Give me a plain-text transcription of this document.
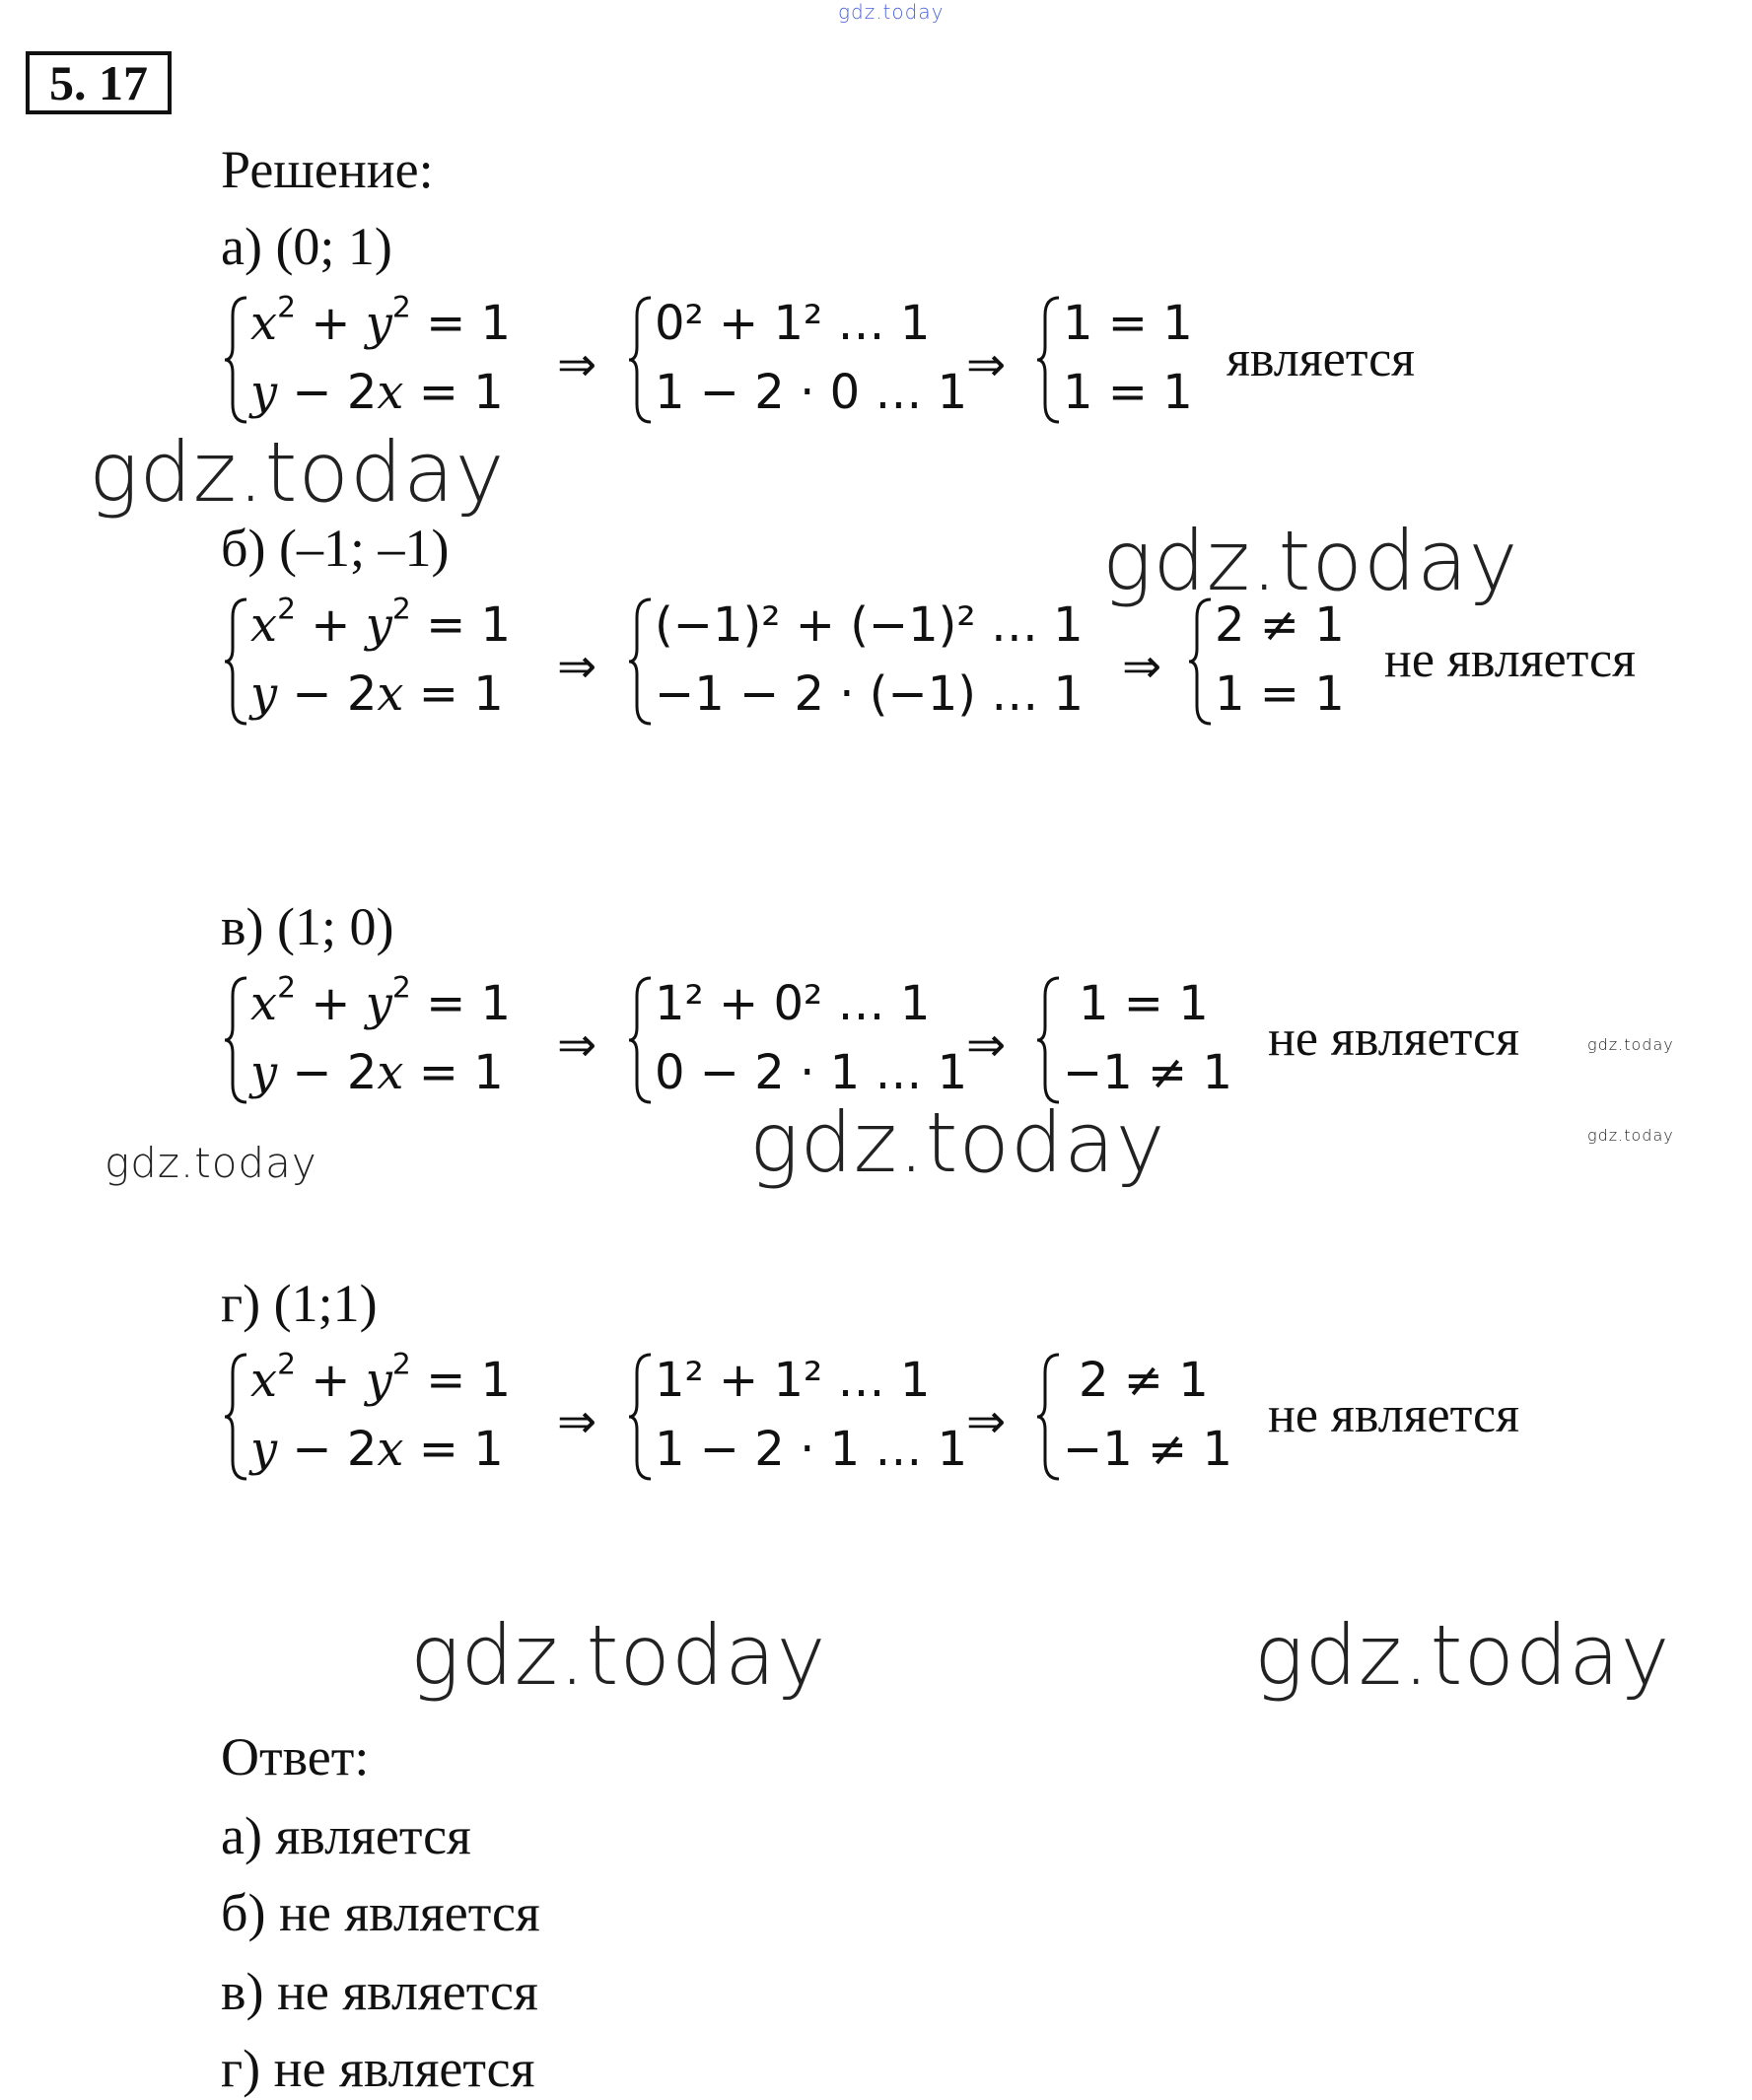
gdz.today
5. 17
Решение:
а) (0; 1)
$x^2 + y^2 = 1$
y − 2x = 1 ⇒
0² + 1² … 1
1 − 2 · 0 … 1
⇒
1 = 1
1 = 1
является
gdz.today
б) (–1; –1)	gdz.today
$x^2 + y^2 = 1$
y − 2x = 1 ⇒
(−1)² + (−1)² … 1
−1 − 2 · (−1) … 1 ⇒
2 ≠ 1
1 = 1
не является
в) (1; 0)
$x^2 + y^2 = 1$
y − 2x = 1 ⇒
1² + 0² … 1
0 − 2 · 1 … 1
⇒
1 = 1
−1 ≠ 1
не является	gdz.today
gdz.today
gdz.today
gdz.today
г) (1;1)
$x^2 + y^2 = 1$
y − 2x = 1 ⇒
1² + 1² … 1
1 − 2 · 1 … 1
⇒
2 ≠ 1
−1 ≠ 1
не является
gdz.today	gdz.today
Ответ:
а) является
б) не является
в) не является
г) не является
